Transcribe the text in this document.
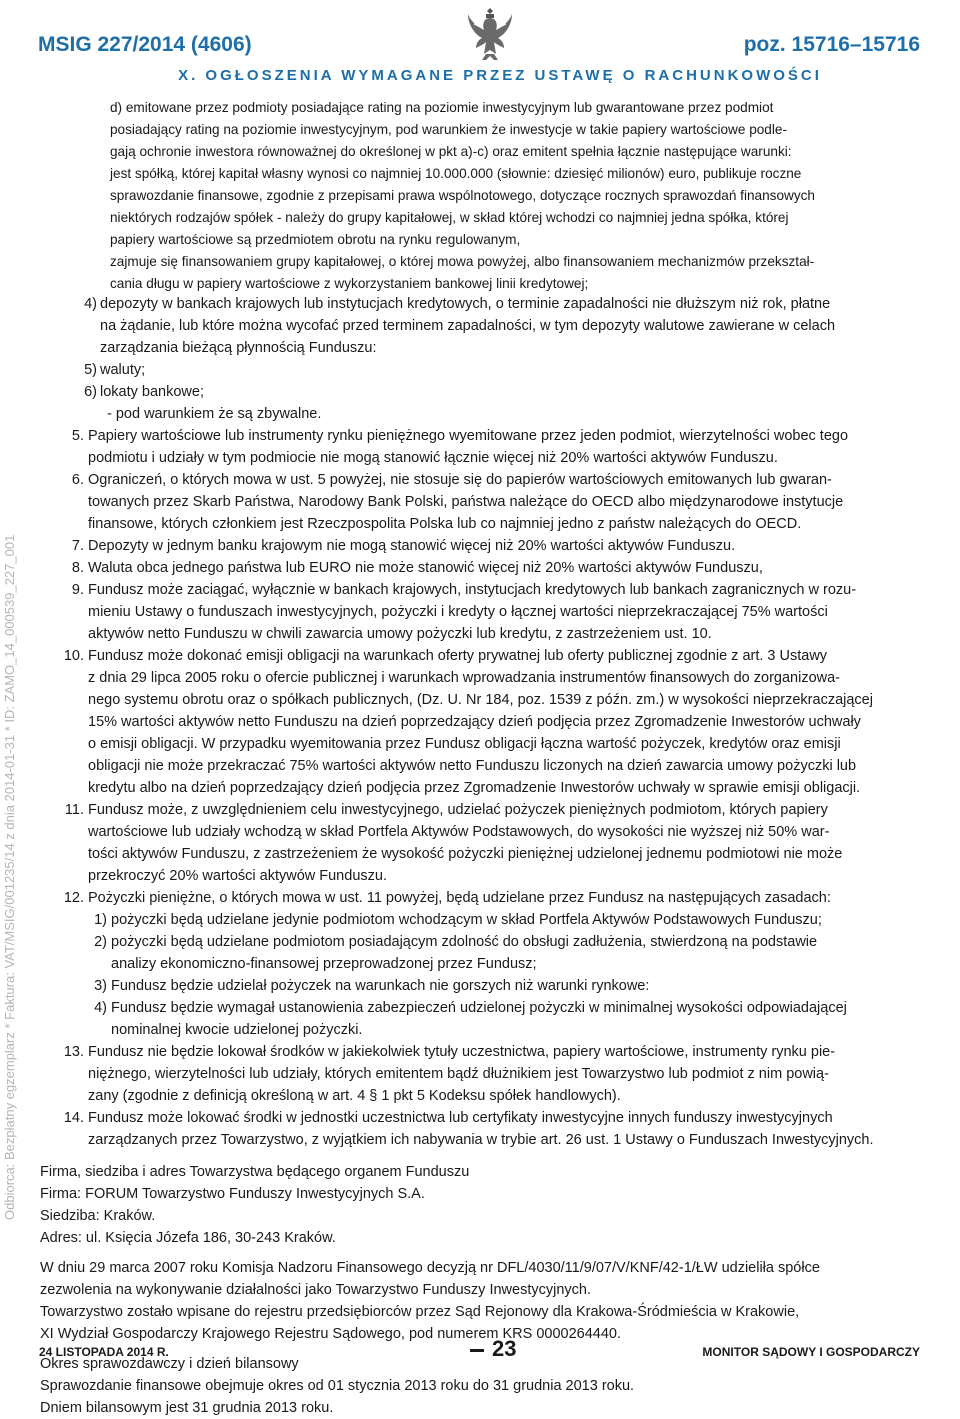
MSIG 227/2014 (4606)	poz. 15716–15716
X. OGŁOSZENIA WYMAGANE PRZEZ USTAWĘ O RACHUNKOWOŚCI
Odbiorca: Bezpłatny egzemplarz * Faktura: VAT/MSIG/001235/14 z dnia 2014-01-31 * ID: ZAMO_14_000539_227_001
d) emitowane przez podmioty posiadające rating na poziomie inwestycyjnym lub gwarantowane przez podmiot
posiadający rating na poziomie inwestycyjnym, pod warunkiem że inwestycje w takie papiery wartościowe podle-
gają ochronie inwestora równoważnej do określonej w pkt a)-c) oraz emitent spełnia łącznie następujące warunki:
jest spółką, której kapitał własny wynosi co najmniej 10.000.000 (słownie: dziesięć milionów) euro, publikuje roczne
sprawozdanie finansowe, zgodnie z przepisami prawa wspólnotowego, dotyczące rocznych sprawozdań finansowych
niektórych rodzajów spółek - należy do grupy kapitałowej, w skład której wchodzi co najmniej jedna spółka, której
papiery wartościowe są przedmiotem obrotu na rynku regulowanym,
zajmuje się finansowaniem grupy kapitałowej, o której mowa powyżej, albo finansowaniem mechanizmów przekształ-
cania długu w papiery wartościowe z wykorzystaniem bankowej linii kredytowej;
4) depozyty w bankach krajowych lub instytucjach kredytowych, o terminie zapadalności nie dłuższym niż rok, płatne
na żądanie, lub które można wycofać przed terminem zapadalności, w tym depozyty walutowe zawierane w celach
zarządzania bieżącą płynnością Funduszu:
5) waluty;
6) lokaty bankowe;
- pod warunkiem że są zbywalne.
5. Papiery wartościowe lub instrumenty rynku pieniężnego wyemitowane przez jeden podmiot, wierzytelności wobec tego
podmiotu i udziały w tym podmiocie nie mogą stanowić łącznie więcej niż 20% wartości aktywów Funduszu.
6. Ograniczeń, o których mowa w ust. 5 powyżej, nie stosuje się do papierów wartościowych emitowanych lub gwaran-
towanych przez Skarb Państwa, Narodowy Bank Polski, państwa należące do OECD albo międzynarodowe instytucje
finansowe, których członkiem jest Rzeczpospolita Polska lub co najmniej jedno z państw należących do OECD.
7. Depozyty w jednym banku krajowym nie mogą stanowić więcej niż 20% wartości aktywów Funduszu.
8. Waluta obca jednego państwa lub EURO nie może stanowić więcej niż 20% wartości aktywów Funduszu,
9. Fundusz może zaciągać, wyłącznie w bankach krajowych, instytucjach kredytowych lub bankach zagranicznych w rozu-
mieniu Ustawy o funduszach inwestycyjnych, pożyczki i kredyty o łącznej wartości nieprzekraczającej 75% wartości
aktywów netto Funduszu w chwili zawarcia umowy pożyczki lub kredytu, z zastrzeżeniem ust. 10.
10. Fundusz może dokonać emisji obligacji na warunkach oferty prywatnej lub oferty publicznej zgodnie z art. 3 Ustawy
z dnia 29 lipca 2005 roku o ofercie publicznej i warunkach wprowadzania instrumentów finansowych do zorganizowa-
nego systemu obrotu oraz o spółkach publicznych, (Dz. U. Nr 184, poz. 1539 z późn. zm.) w wysokości nieprzekraczającej
15% wartości aktywów netto Funduszu na dzień poprzedzający dzień podjęcia przez Zgromadzenie Inwestorów uchwały
o emisji obligacji. W przypadku wyemitowania przez Fundusz obligacji łączna wartość pożyczek, kredytów oraz emisji
obligacji nie może przekraczać 75% wartości aktywów netto Funduszu liczonych na dzień zawarcia umowy pożyczki lub
kredytu albo na dzień poprzedzający dzień podjęcia przez Zgromadzenie Inwestorów uchwały w sprawie emisji obligacji.
11. Fundusz może, z uwzględnieniem celu inwestycyjnego, udzielać pożyczek pieniężnych podmiotom, których papiery
wartościowe lub udziały wchodzą w skład Portfela Aktywów Podstawowych, do wysokości nie wyższej niż 50% war-
tości aktywów Funduszu, z zastrzeżeniem że wysokość pożyczki pieniężnej udzielonej jednemu podmiotowi nie może
przekroczyć 20% wartości aktywów Funduszu.
12. Pożyczki pieniężne, o których mowa w ust. 11 powyżej, będą udzielane przez Fundusz na następujących zasadach:
1) pożyczki będą udzielane jedynie podmiotom wchodzącym w skład Portfela Aktywów Podstawowych Funduszu;
2) pożyczki będą udzielane podmiotom posiadającym zdolność do obsługi zadłużenia, stwierdzoną na podstawie
analizy ekonomiczno-finansowej przeprowadzonej przez Fundusz;
3) Fundusz będzie udzielał pożyczek na warunkach nie gorszych niż warunki rynkowe:
4) Fundusz będzie wymagał ustanowienia zabezpieczeń udzielonej pożyczki w minimalnej wysokości odpowiadającej
nominalnej kwocie udzielonej pożyczki.
13. Fundusz nie będzie lokował środków w jakiekolwiek tytuły uczestnictwa, papiery wartościowe, instrumenty rynku pie-
niężnego, wierzytelności lub udziały, których emitentem bądź dłużnikiem jest Towarzystwo lub podmiot z nim powią-
zany (zgodnie z definicją określoną w art. 4 § 1 pkt 5 Kodeksu spółek handlowych).
14. Fundusz może lokować środki w jednostki uczestnictwa lub certyfikaty inwestycyjne innych funduszy inwestycyjnych
zarządzanych przez Towarzystwo, z wyjątkiem ich nabywania w trybie art. 26 ust. 1 Ustawy o Funduszach Inwestycyjnych.
Firma, siedziba i adres Towarzystwa będącego organem Funduszu
Firma: FORUM Towarzystwo Funduszy Inwestycyjnych S.A.
Siedziba: Kraków.
Adres: ul. Księcia Józefa 186, 30-243 Kraków.
W dniu 29 marca 2007 roku Komisja Nadzoru Finansowego decyzją nr DFL/4030/11/9/07/V/KNF/42-1/ŁW udzieliła spółce
zezwolenia na wykonywanie działalności jako Towarzystwo Funduszy Inwestycyjnych.
Towarzystwo zostało wpisane do rejestru przedsiębiorców przez Sąd Rejonowy dla Krakowa-Śródmieścia w Krakowie,
XI Wydział Gospodarczy Krajowego Rejestru Sądowego, pod numerem KRS 0000264440.
Okres sprawozdawczy i dzień bilansowy
Sprawozdanie finansowe obejmuje okres od 01 stycznia 2013 roku do 31 grudnia 2013 roku.
Dniem bilansowym jest 31 grudnia 2013 roku.
24 LISTOPADA 2014 R.	23	MONITOR SĄDOWY I GOSPODARCZY
